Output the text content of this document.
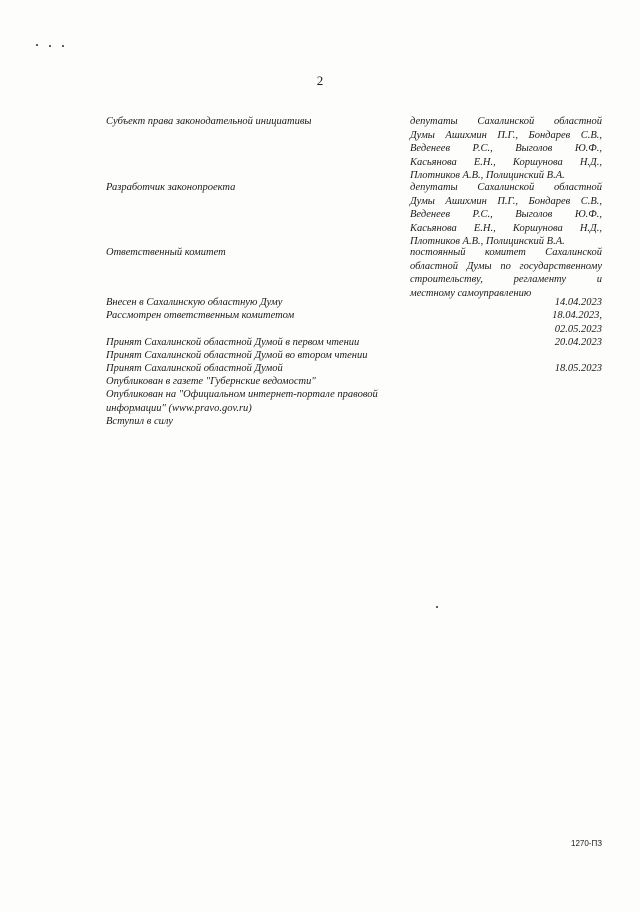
2
Субъект права законодательной инициативы	депутаты Сахалинской областной
Думы Ашихмин П.Г., Бондарев С.В.,
Веденеев Р.С., Выголов Ю.Ф.,
Касьянова Е.Н., Коршунова Н.Д.,
Плотников А.В., Полицинский В.А.
Разработчик законопроекта	депутаты Сахалинской областной
Думы Ашихмин П.Г., Бондарев С.В.,
Веденеев Р.С., Выголов Ю.Ф.,
Касьянова Е.Н., Коршунова Н.Д.,
Плотников А.В., Полицинский В.А.
Ответственный комитет	постоянный комитет Сахалинской
областной Думы по государственному
строительству, регламенту и
местному самоуправлению
Внесен в Сахалинскую областную Думу	14.04.2023
Рассмотрен ответственным комитетом	18.04.2023,
02.05.2023
Принят Сахалинской областной Думой в первом чтении	20.04.2023
Принят Сахалинской областной Думой во втором чтении
Принят Сахалинской областной Думой	18.05.2023
Опубликован в газете "Губернские ведомости"
Опубликован на "Официальном интернет-портале правовой информации" (www.pravo.gov.ru)
Вступил в силу
1270-ПЗ
